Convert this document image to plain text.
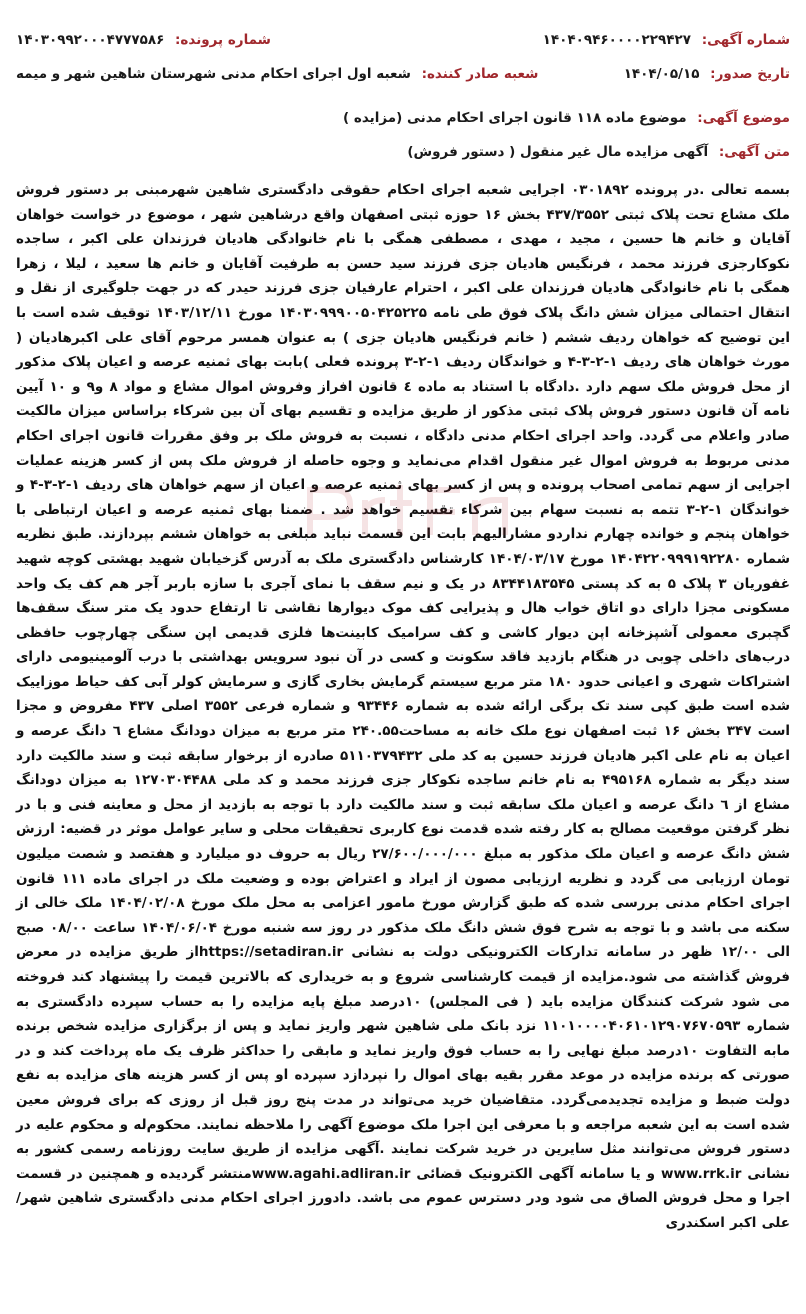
شماره آگهی: ۱۴۰۴۰۹۴۶۰۰۰۰۲۲۹۴۲۷
شماره پرونده: ۱۴۰۳۰۹۹۲۰۰۰۴۷۷۷۵۸۶
تاریخ صدور: ۱۴۰۴/۰۵/۱۵
شعبه صادر کننده: شعبه اول اجرای احکام مدنی شهرستان شاهین شهر و میمه
موضوع آگهی: موضوع ماده ۱۱۸ قانون اجرای احکام مدنی (مزایده )
متن آگهی: آگهی مزایده مال غیر منقول ( دستور فروش)
بسمه تعالی .در پرونده ۰۳۰۱۸۹۲ اجرایی شعبه اجرای احکام حقوقی دادگستری شاهین شهرمبنی بر دستور فروش ملک مشاع تحت پلاک ثبتی ۴۳۷/۳۵۵۲ بخش ۱۶ حوزه ثبتی اصفهان واقع درشاهین شهر ، موضوع در خواست خواهان آقایان و خانم ها حسین ، مجید ، مهدی ، مصطفی همگی با نام خانوادگی هادیان فرزندان علی اکبر ، ساجده نکوکارجزی فرزند محمد ، فرنگیس هادیان جزی فرزند سید حسن به طرفیت آقایان و خانم ها سعید ، لیلا ، زهرا همگی با نام خانوادگی هادیان فرزندان علی اکبر ، احترام عارفیان جزی فرزند حیدر که در جهت جلوگیری از نقل و انتقال احتمالی میزان شش دانگ پلاک فوق طی نامه ۱۴۰۳۰۹۹۹۰۰۵۰۴۲۵۲۲۵ مورخ ۱۴۰۳/۱۲/۱۱ توقیف شده است با این توضیح که خواهان ردیف ششم ( خانم فرنگیس هادیان جزی ) به عنوان همسر مرحوم آقای علی اکبرهادیان ( مورث خواهان های ردیف ۱-۲-۳-۴ و خواندگان ردیف ۱-۲-۳ پرونده فعلی )بابت بهای ثمنیه عرصه و اعیان پلاک مذکور از محل فروش ملک سهم دارد .دادگاه با استناد به ماده ٤ قانون افراز وفروش اموال مشاع و مواد ۸ و۹ و ۱۰ آیین نامه آن قانون دستور فروش پلاک ثبتی مذکور از طریق مزایده و تقسیم بهای آن بین شرکاء براساس میزان مالکیت صادر واعلام می گردد. واحد اجرای احکام مدنی دادگاه ، نسبت به فروش ملک بر وفق مقررات قانون اجرای احکام مدنی مربوط به فروش اموال غیر منقول اقدام می‌نماید و وجوه حاصله از فروش ملک پس از کسر هزینه عملیات اجرایی از سهم تمامی اصحاب پرونده و پس از کسر بهای ثمنیه عرصه و اعیان از سهم خواهان های ردیف ۱-۲-۳-۴ و خواندگان ۱-۲-۳ تتمه به نسبت سهام بین شرکاء تقسیم خواهد شد . ضمنا بهای ثمنیه عرصه و اعیان ارتباطی با خواهان پنجم و خوانده چهارم نداردو مشارالیهم بابت این قسمت نباید مبلغی به خواهان ششم بپردازند. طبق نظریه شماره ۱۴۰۴۲۲۰۹۹۹۱۹۲۲۸۰ مورخ ۱۴۰۴/۰۳/۱۷ کارشناس دادگستری ملک به آدرس گزخیابان شهید بهشتی کوچه شهید غفوریان ۳ پلاک ۵ به کد پستی ۸۳۴۴۱۸۳۵۴۵ در یک و نیم سقف با نمای آجری با سازه باربر آجر هم کف یک واحد مسکونی مجزا دارای دو اتاق خواب هال و پذیرایی کف موک دیوارها نقاشی تا ارتفاع حدود یک متر سنگ سقف‌ها گچبری معمولی آشپزخانه اپن دیوار کاشی و کف سرامیک کابینت‌ها فلزی قدیمی اپن سنگی چهارچوب حافظی درب‌های داخلی چوبی در هنگام بازدید فاقد سکونت و کسی در آن نبود سرویس بهداشتی با درب آلومینیومی دارای اشتراکات شهری و اعیانی حدود ۱۸۰ متر مربع سیستم گرمایش بخاری گازی و سرمایش کولر آبی کف حیاط موزاییک شده است طبق کپی سند تک برگی ارائه شده به شماره ۹۳۴۴۶ و شماره فرعی ۳۵۵۲ اصلی ۴۳۷ مفروض و مجزا است ۳۴۷ بخش ۱۶ ثبت اصفهان نوع ملک خانه به مساحت۲۴۰.۵۵ متر مربع به میزان دودانگ مشاع ٦ دانگ عرصه و اعیان به نام علی اکبر هادیان فرزند حسین به کد ملی ۵۱۱۰۳۷۹۴۳۲ صادره از برخوار سابقه ثبت و سند مالکیت دارد سند دیگر به شماره ۴۹۵۱۶۸ به نام خانم ساجده نکوکار جزی فرزند محمد و کد ملی ۱۲۷۰۳۰۴۴۸۸ به میزان دودانگ مشاع از ٦ دانگ عرصه و اعیان ملک سابقه ثبت و سند مالکیت دارد با توجه به بازدید از محل و معاینه فنی و با در نظر گرفتن موقعیت مصالح به کار رفته شده قدمت نوع کاربری تحقیقات محلی و سایر عوامل موثر در قضیه: ارزش شش دانگ عرصه و اعیان ملک مذکور به مبلغ ۲۷/۶۰۰/۰۰۰/۰۰۰ ریال به حروف دو میلیارد و هفتصد و شصت میلیون تومان ارزیابی می گردد و نظریه ارزیابی مصون از ایراد و اعتراض بوده و وضعیت ملک در اجرای ماده ۱۱۱ قانون اجرای احکام مدنی بررسی شده که طبق گزارش مورخ مامور اعزامی به محل ملک مورخ ۱۴۰۴/۰۲/۰۸ ملک خالی از سکنه می باشد و با توجه به شرح فوق شش دانگ ملک مذکور در روز سه شنبه مورخ ۱۴۰۴/۰۶/۰۴ ساعت ۰۸/۰۰ صبح الی ۱۲/۰۰ ظهر در سامانه تدارکات الکترونیکی دولت به نشانی https://setadiran.irاز طریق مزایده در معرض فروش گذاشته می شود.مزایده از قیمت کارشناسی شروع و به خریداری که بالاترین قیمت را پیشنهاد کند فروخته می شود شرکت کنندگان مزایده باید ( فی المجلس) ۱۰درصد مبلغ پایه مزایده را به حساب سپرده دادگستری به شماره ۱۱۰۱۰۰۰۰۴۰۶۱۰۱۲۹۰۷۶۷۰۵۹۳ نزد بانک ملی شاهین شهر واریز نماید و پس از برگزاری مزایده شخص برنده مابه التفاوت ۱۰درصد مبلغ نهایی را به حساب فوق واریز نماید و مابقی را حداکثر ظرف یک ماه پرداخت کند و در صورتی که برنده مزایده در موعد مقرر بقیه بهای اموال را نپردازد سپرده او پس از کسر هزینه های مزایده به نفع دولت ضبط و مزایده تجدیدمی‌گردد. متقاضیان خرید می‌تواند در مدت پنج روز قبل از روزی که برای فروش معین شده است به این شعبه مراجعه و با معرفی این اجرا ملک موضوع آگهی را ملاحظه نمایند. محکوم‌له و محکوم علیه در دستور فروش می‌توانند مثل سایرین در خرید شرکت نمایند .آگهی مزایده از طریق سایت روزنامه رسمی کشور به نشانی www.rrk.ir و یا سامانه آگهی الکترونیک قضائی www.agahi.adliran.irمنتشر گردیده و همچنین در قسمت اجرا و محل فروش الصاق می شود ودر دسترس عموم می باشد. دادورز اجرای احکام مدنی دادگستری شاهین شهر/علی اکبر اسکندری
